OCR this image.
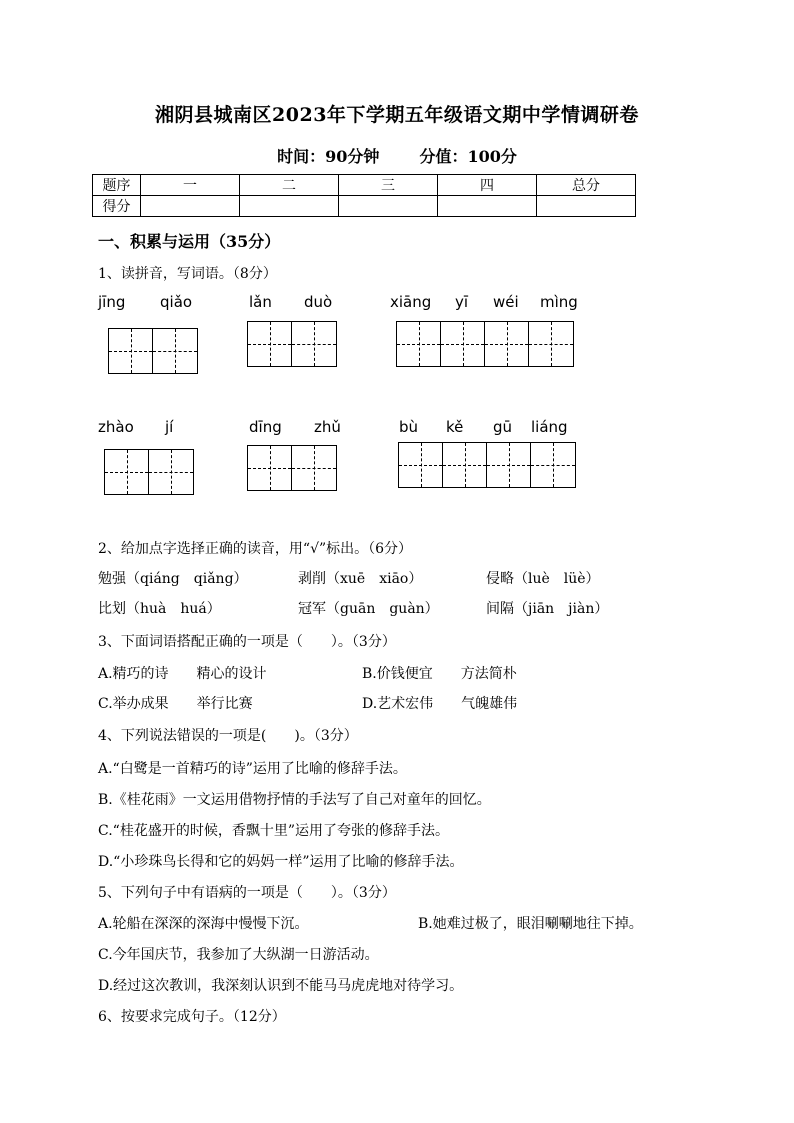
湘阴县城南区2023年下学期五年级语文期中学情调研卷
时间：90分钟	分值：100分
题序	一	二	三	四	总分
得分					
一、积累与运用（35分）
1、读拼音，写词语。（8分）
jīng qiǎo	lǎn duò	xiāng yī wéi mìng
zhào jí	dīng zhǔ	bù kě gū liáng
2、给加点字选择正确的读音，用“√”标出。（6分）
勉强（qiáng　qiǎng）	剥削（xuē　xiāo）	侵略（luè　lüè）
比划（huà　huá）	冠军（guān　guàn）	间隔（jiān　jiàn）
3、下面词语搭配正确的一项是（　　）。（3分）
A.精巧的诗　　精心的设计	B.价钱便宜　　方法简朴
C.举办成果　　举行比赛	D.艺术宏伟　　气魄雄伟
4、下列说法错误的一项是(　　)。（3分）
A.“白鹭是一首精巧的诗”运用了比喻的修辞手法。
B.《桂花雨》一文运用借物抒情的手法写了自己对童年的回忆。
C.“桂花盛开的时候，香飘十里”运用了夸张的修辞手法。
D.“小珍珠鸟长得和它的妈妈一样”运用了比喻的修辞手法。
5、下列句子中有语病的一项是（　　）。（3分）
A.轮船在深深的深海中慢慢下沉。	B.她难过极了，眼泪唰唰地往下掉。
C.今年国庆节，我参加了大纵湖一日游活动。
D.经过这次教训，我深刻认识到不能马马虎虎地对待学习。
6、按要求完成句子。（12分）
